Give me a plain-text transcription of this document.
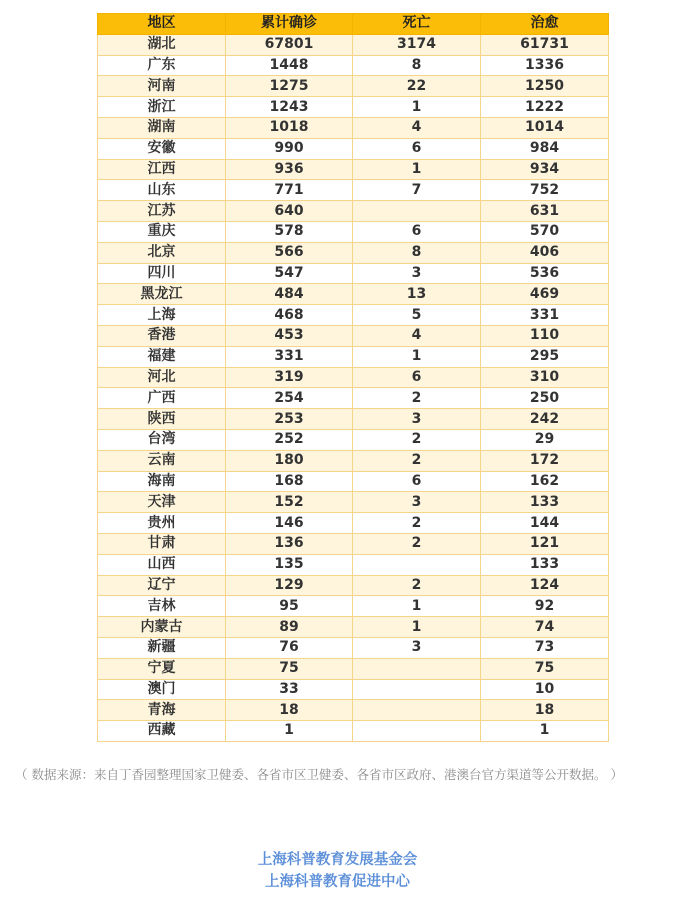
地区	累计确诊	死亡	治愈
湖北	67801	3174	61731
广东	1448	8	1336
河南	1275	22	1250
浙江	1243	1	1222
湖南	1018	4	1014
安徽	990	6	984
江西	936	1	934
山东	771	7	752
江苏	640		631
重庆	578	6	570
北京	566	8	406
四川	547	3	536
黑龙江	484	13	469
上海	468	5	331
香港	453	4	110
福建	331	1	295
河北	319	6	310
广西	254	2	250
陕西	253	3	242
台湾	252	2	29
云南	180	2	172
海南	168	6	162
天津	152	3	133
贵州	146	2	144
甘肃	136	2	121
山西	135		133
辽宁	129	2	124
吉林	95	1	92
内蒙古	89	1	74
新疆	76	3	73
宁夏	75		75
澳门	33		10
青海	18		18
西藏	1		1
（ 数据来源：来自丁香园整理国家卫健委、各省市区卫健委、各省市区政府、港澳台官方渠道等公开数据。 ）
上海科普教育发展基金会
上海科普教育促进中心
